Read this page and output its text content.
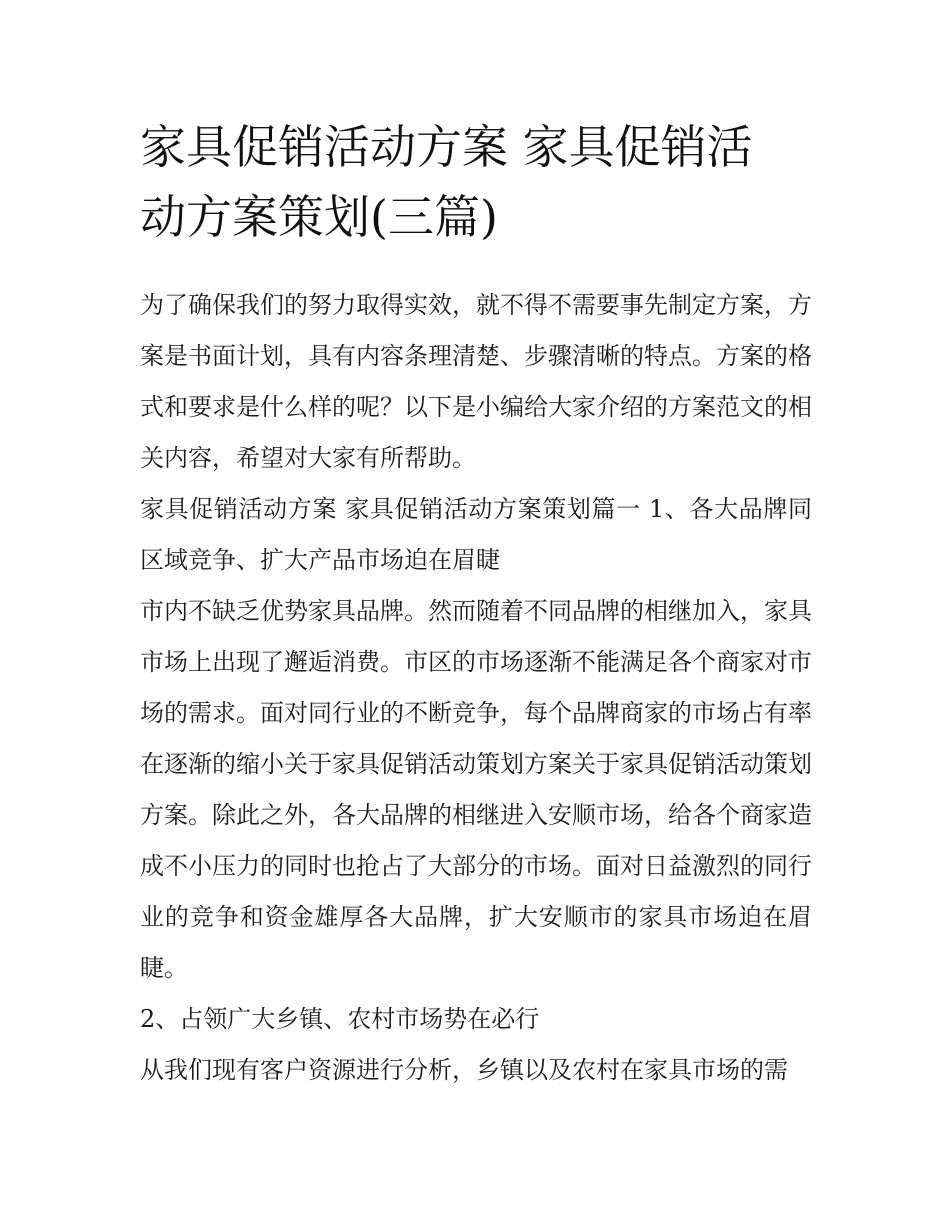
家具促销活动方案 家具促销活
动方案策划(三篇)

为了确保我们的努力取得实效，就不得不需要事先制定方案，方案是书面计划，具有内容条理清楚、步骤清晰的特点。方案的格式和要求是什么样的呢？以下是小编给大家介绍的方案范文的相关内容，希望对大家有所帮助。

家具促销活动方案 家具促销活动方案策划篇一 1、各大品牌同区域竞争、扩大产品市场迫在眉睫

市内不缺乏优势家具品牌。然而随着不同品牌的相继加入，家具市场上出现了邂逅消费。市区的市场逐渐不能满足各个商家对市场的需求。面对同行业的不断竞争，每个品牌商家的市场占有率在逐渐的缩小关于家具促销活动策划方案关于家具促销活动策划方案。除此之外，各大品牌的相继进入安顺市场，给各个商家造成不小压力的同时也抢占了大部分的市场。面对日益激烈的同行业的竞争和资金雄厚各大品牌，扩大安顺市的家具市场迫在眉睫。

2、占领广大乡镇、农村市场势在必行

从我们现有客户资源进行分析，乡镇以及农村在家具市场的需
